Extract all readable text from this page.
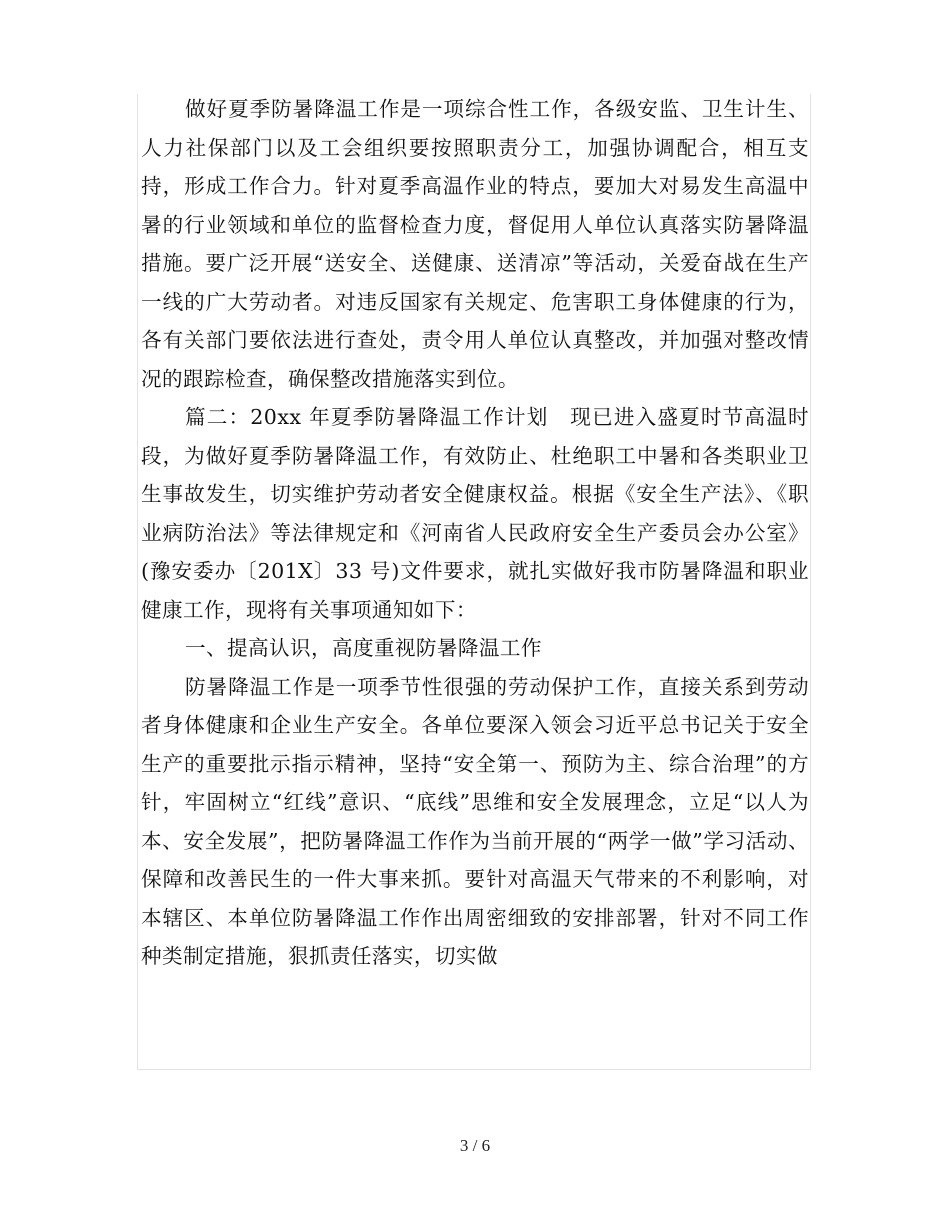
做好夏季防暑降温工作是一项综合性工作，各级安监、卫生计生、人力社保部门以及工会组织要按照职责分工，加强协调配合，相互支持，形成工作合力。针对夏季高温作业的特点，要加大对易发生高温中暑的行业领域和单位的监督检查力度，督促用人单位认真落实防暑降温措施。要广泛开展“送安全、送健康、送清凉”等活动，关爱奋战在生产一线的广大劳动者。对违反国家有关规定、危害职工身体健康的行为，各有关部门要依法进行查处，责令用人单位认真整改，并加强对整改情况的跟踪检查，确保整改措施落实到位。

篇二：20xx 年夏季防暑降温工作计划　现已进入盛夏时节高温时段，为做好夏季防暑降温工作，有效防止、杜绝职工中暑和各类职业卫生事故发生，切实维护劳动者安全健康权益。根据《安全生产法》、《职业病防治法》等法律规定和《河南省人民政府安全生产委员会办公室》(豫安委办〔201X〕33 号)文件要求，就扎实做好我市防暑降温和职业健康工作，现将有关事项通知如下：

一、提高认识，高度重视防暑降温工作

防暑降温工作是一项季节性很强的劳动保护工作，直接关系到劳动者身体健康和企业生产安全。各单位要深入领会习近平总书记关于安全生产的重要批示指示精神，坚持“安全第一、预防为主、综合治理”的方针，牢固树立“红线”意识、“底线”思维和安全发展理念，立足“以人为本、安全发展”，把防暑降温工作作为当前开展的“两学一做”学习活动、保障和改善民生的一件大事来抓。要针对高温天气带来的不利影响，对本辖区、本单位防暑降温工作作出周密细致的安排部署，针对不同工作种类制定措施，狠抓责任落实，切实做

3 / 6
